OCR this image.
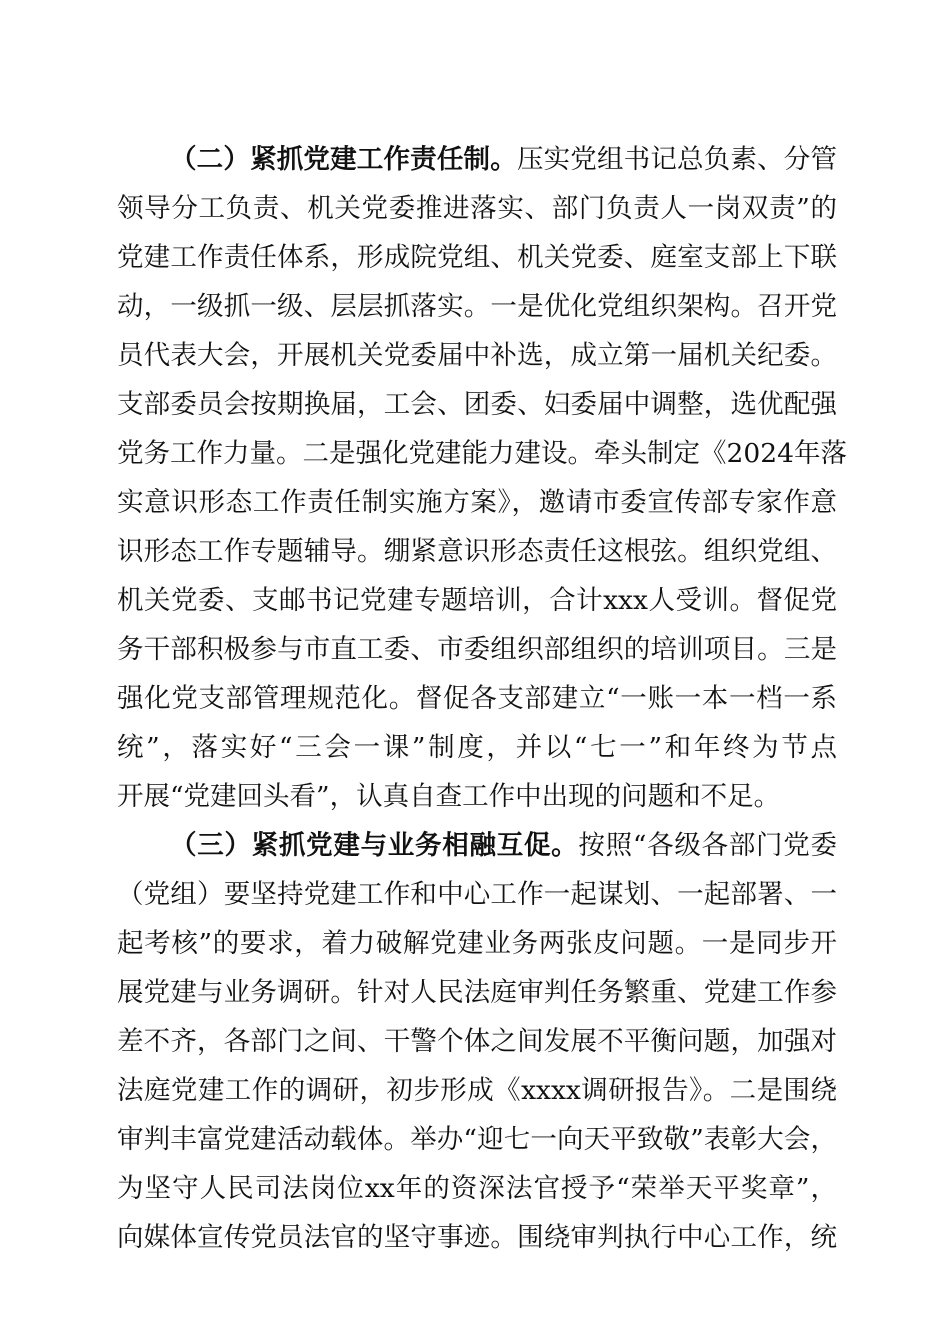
（二）紧抓党建工作责任制。压实党组书记总负素、分管
领导分工负责、机关党委推进落实、部门负责人一岗双责”的
党建工作责任体系，形成院党组、机关党委、庭室支部上下联
动，一级抓一级、层层抓落实。一是优化党组织架构。召开党
员代表大会，开展机关党委届中补选，成立第一届机关纪委。
支部委员会按期换届，工会、团委、妇委届中调整，选优配强
党务工作力量。二是强化党建能力建设。牵头制定《2024年落
实意识形态工作责任制实施方案》，邀请市委宣传部专家作意
识形态工作专题辅导。绷紧意识形态责任这根弦。组织党组、
机关党委、支邮书记党建专题培训，合计xxx人受训。督促党
务干部积极参与市直工委、市委组织部组织的培训项目。三是
强化党支部管理规范化。督促各支部建立“一账一本一档一系
统”，落实好“三会一课”制度，并以“七一”和年终为节点
开展“党建回头看”，认真自查工作中出现的问题和不足。
（三）紧抓党建与业务相融互促。按照“各级各部门党委
（党组）要坚持党建工作和中心工作一起谋划、一起部署、一
起考核”的要求，着力破解党建业务两张皮问题。一是同步开
展党建与业务调研。针对人民法庭审判任务繁重、党建工作参
差不齐，各部门之间、干警个体之间发展不平衡问题，加强对
法庭党建工作的调研，初步形成《xxxx调研报告》。二是围绕
审判丰富党建活动载体。举办“迎七一向天平致敬”表彰大会，
为坚守人民司法岗位xx年的资深法官授予“荣举天平奖章”，
向媒体宣传党员法官的坚守事迹。围绕审判执行中心工作，统
